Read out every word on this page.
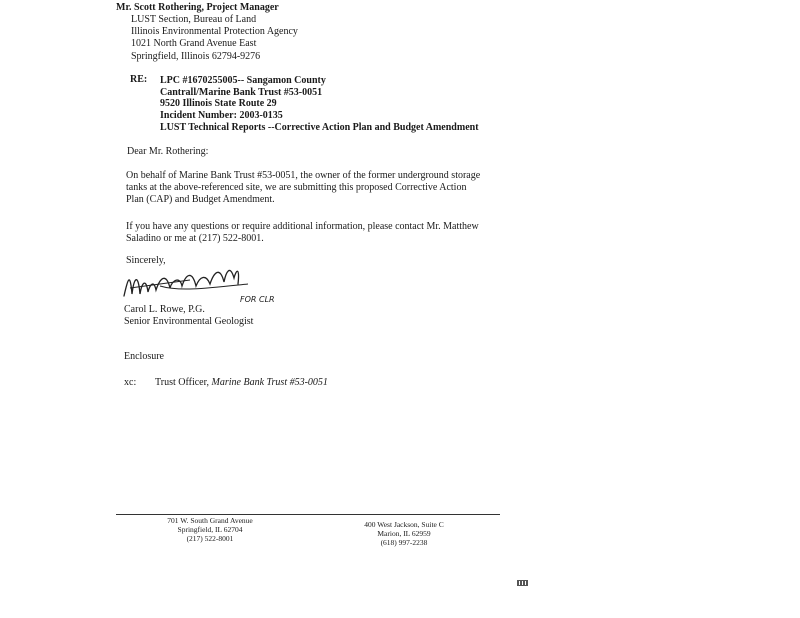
Mr. Scott Rothering, Project Manager
LUST Section, Bureau of Land
Illinois Environmental Protection Agency
1021 North Grand Avenue East
Springfield, Illinois 62794-9276
RE: LPC #1670255005-- Sangamon County
Cantrall/Marine Bank Trust #53-0051
9520 Illinois State Route 29
Incident Number: 2003-0135
LUST Technical Reports --Corrective Action Plan and Budget Amendment
Dear Mr. Rothering:
On behalf of Marine Bank Trust #53-0051, the owner of the former underground storage
tanks at the above-referenced site, we are submitting this proposed Corrective Action
Plan (CAP) and Budget Amendment.
If you have any questions or require additional information, please contact Mr. Matthew
Saladino or me at (217) 522-8001.
Sincerely,
FOR CLR
Carol L. Rowe, P.G.
Senior Environmental Geologist
Enclosure
xc: Trust Officer, Marine Bank Trust #53-0051
701 W. South Grand Avenue
Springfield, IL 62704
(217) 522-8001
400 West Jackson, Suite C
Marion, IL 62959
(618) 997-2238
